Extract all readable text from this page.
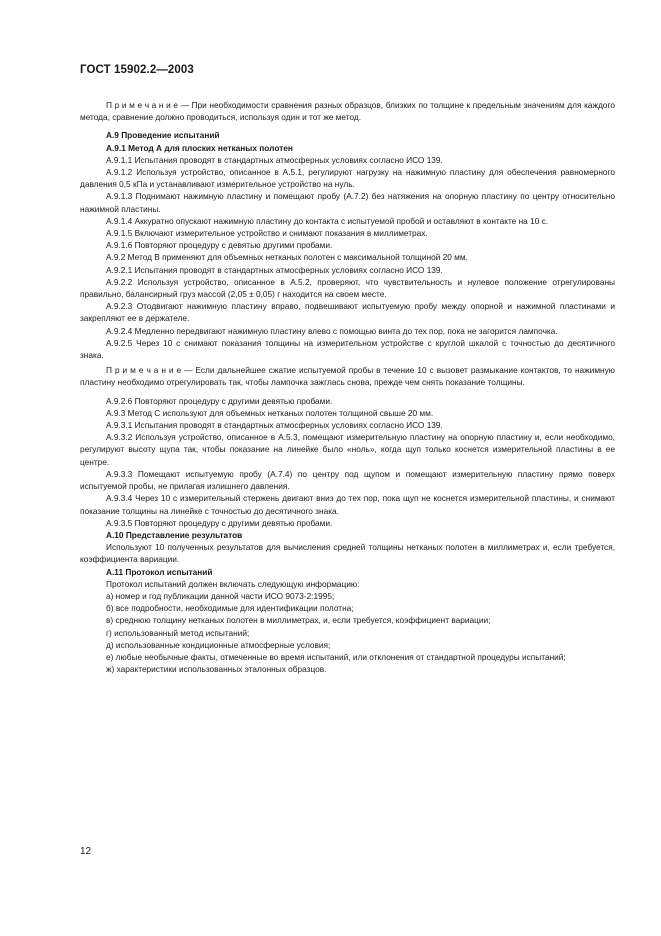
ГОСТ 15902.2—2003

П р и м е ч а н и е — При необходимости сравнения разных образцов, близких по толщине к предельным значениям для каждого метода, сравнение должно проводиться, используя один и тот же метод.

А.9 Проведение испытаний

А.9.1 Метод А для плоских нетканых полотен

А.9.1.1 Испытания проводят в стандартных атмосферных условиях согласно ИСО 139.

А.9.1.2 Используя устройство, описанное в А.5.1, регулируют нагрузку на нажимную пластину для обеспечения равномерного давления 0,5 кПа и устанавливают измерительное устройство на нуль.

А.9.1.3 Поднимают нажимную пластину и помещают пробу (А.7.2) без натяжения на опорную пластину по центру относительно нажимной пластины.

А.9.1.4 Аккуратно опускают нажимную пластину до контакта с испытуемой пробой и оставляют в контакте на 10 с.

А.9.1.5 Включают измерительное устройство и снимают показания в миллиметрах.

А.9.1.6 Повторяют процедуру с девятью другими пробами.

А.9.2 Метод В применяют для объемных нетканых полотен с максимальной толщиной 20 мм.

А.9.2.1 Испытания проводят в стандартных атмосферных условиях согласно ИСО 139.

А.9.2.2 Используя устройство, описанное в А.5.2, проверяют, что чувствительность и нулевое положение отрегулированы правильно, балансирный груз массой (2,05 ± 0,05) г находится на своем месте.

А.9.2.3 Отодвигают нажимную пластину вправо, подвешивают испытуемую пробу между опорной и нажимной пластинами и закрепляют ее в держателе.

А.9.2.4 Медленно передвигают нажимную пластину влево с помощью винта до тех пор, пока не загорится лампочка.

А.9.2.5 Через 10 с снимают показания толщины на измерительном устройстве с круглой шкалой с точностью до десятичного знака.

П р и м е ч а н и е — Если дальнейшее сжатие испытуемой пробы в течение 10 с вызовет размыкание контактов, то нажимную пластину необходимо отрегулировать так, чтобы лампочка зажглась снова, прежде чем снять показание толщины.

А.9.2.6 Повторяют процедуру с другими девятью пробами.

А.9.3 Метод С используют для объемных нетканых полотен толщиной свыше 20 мм.

А.9.3.1 Испытания проводят в стандартных атмосферных условиях согласно ИСО 139.

А.9.3.2 Используя устройство, описанное в А.5.3, помещают измерительную пластину на опорную пластину и, если необходимо, регулируют высоту щупа так, чтобы показание на линейке было «ноль», когда щуп только коснется измерительной пластины в ее центре.

А.9.3.3 Помещают испытуемую пробу (А.7.4) по центру под щупом и помещают измерительную пластину прямо поверх испытуемой пробы, не прилагая излишнего давления.

А.9.3.4 Через 10 с измерительный стержень двигают вниз до тех пор, пока щуп не коснется измерительной пластины, и снимают показание толщины на линейке с точностью до десятичного знака.

А.9.3.5 Повторяют процедуру с другими девятью пробами.

А.10 Представление результатов

Используют 10 полученных результатов для вычисления средней толщины нетканых полотен в миллиметрах и, если требуется, коэффициента вариации.

А.11 Протокол испытаний

Протокол испытаний должен включать следующую информацию:

а) номер и год публикации данной части ИСО 9073-2:1995;

б) все подробности, необходимые для идентификации полотна;

в) среднюю толщину нетканых полотен в миллиметрах, и, если требуется, коэффициент вариации;

г) использованный метод испытаний;

д) использованные кондиционные атмосферные условия;

е) любые необычные факты, отмеченные во время испытаний, или отклонения от стандартной процедуры испытаний;

ж) характеристики использованных эталонных образцов.

12
